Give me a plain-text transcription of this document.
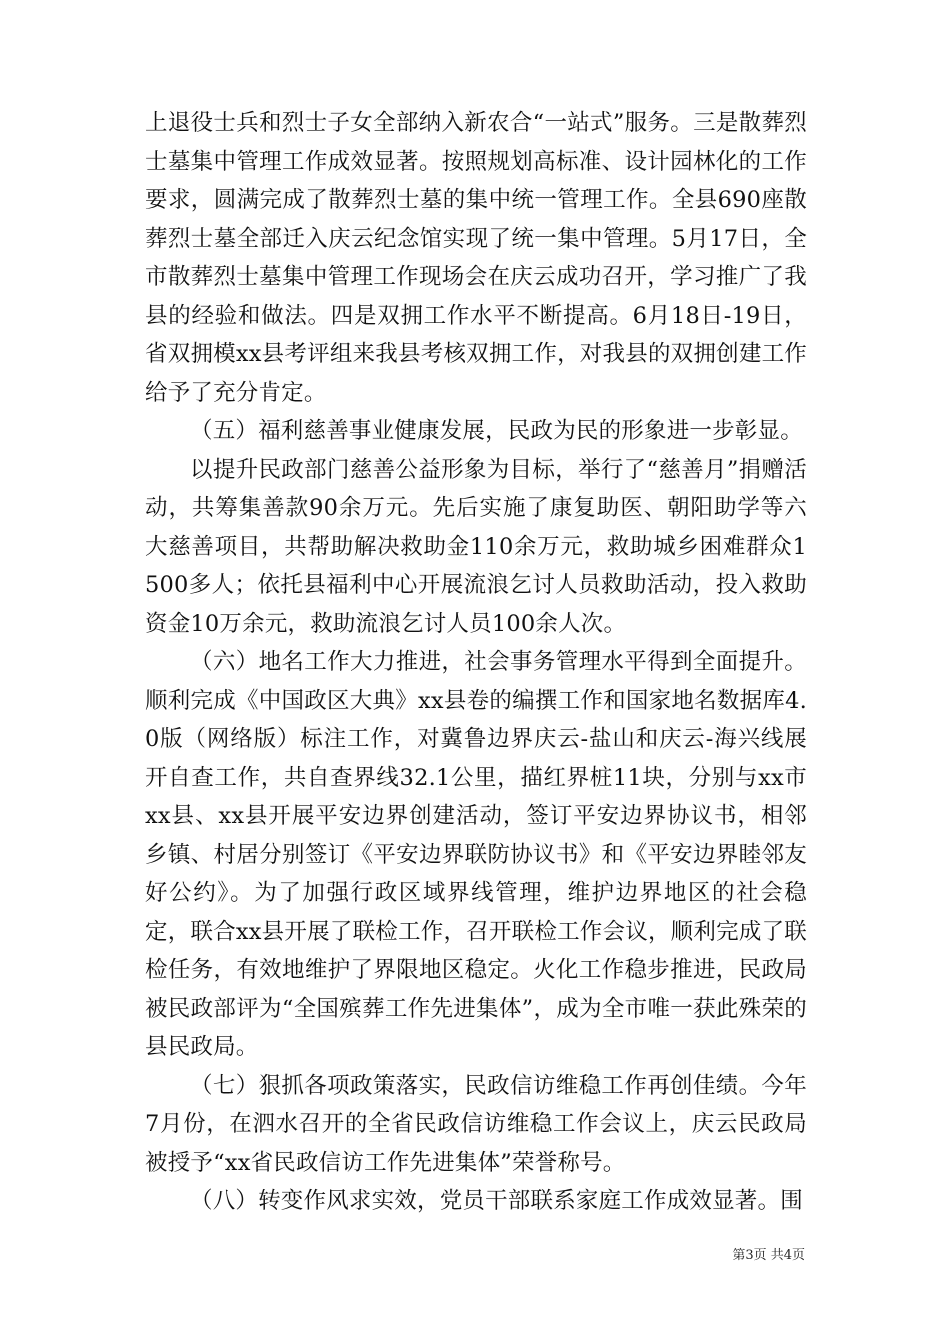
上退役士兵和烈士子女全部纳入新农合“一站式”服务。三是散葬烈士墓集中管理工作成效显著。按照规划高标准、设计园林化的工作要求，圆满完成了散葬烈士墓的集中统一管理工作。全县690座散葬烈士墓全部迁入庆云纪念馆实现了统一集中管理。5月17日，全市散葬烈士墓集中管理工作现场会在庆云成功召开，学习推广了我县的经验和做法。四是双拥工作水平不断提高。6月18日-19日，省双拥模xx县考评组来我县考核双拥工作，对我县的双拥创建工作给予了充分肯定。

（五）福利慈善事业健康发展，民政为民的形象进一步彰显。

以提升民政部门慈善公益形象为目标，举行了“慈善月”捐赠活动，共筹集善款90余万元。先后实施了康复助医、朝阳助学等六大慈善项目，共帮助解决救助金110余万元，救助城乡困难群众1500多人；依托县福利中心开展流浪乞讨人员救助活动，投入救助资金10万余元，救助流浪乞讨人员100余人次。

（六）地名工作大力推进，社会事务管理水平得到全面提升。顺利完成《中国政区大典》xx县卷的编撰工作和国家地名数据库4.0版（网络版）标注工作，对冀鲁边界庆云-盐山和庆云-海兴线展开自查工作，共自查界线32.1公里，描红界桩11块，分别与xx市xx县、xx县开展平安边界创建活动，签订平安边界协议书，相邻乡镇、村居分别签订《平安边界联防协议书》和《平安边界睦邻友好公约》。为了加强行政区域界线管理，维护边界地区的社会稳定，联合xx县开展了联检工作，召开联检工作会议，顺利完成了联检任务，有效地维护了界限地区稳定。火化工作稳步推进，民政局被民政部评为“全国殡葬工作先进集体”，成为全市唯一获此殊荣的县民政局。

（七）狠抓各项政策落实，民政信访维稳工作再创佳绩。今年7月份，在泗水召开的全省民政信访维稳工作会议上，庆云民政局被授予“xx省民政信访工作先进集体”荣誉称号。

（八）转变作风求实效，党员干部联系家庭工作成效显著。围

第3页 共4页
